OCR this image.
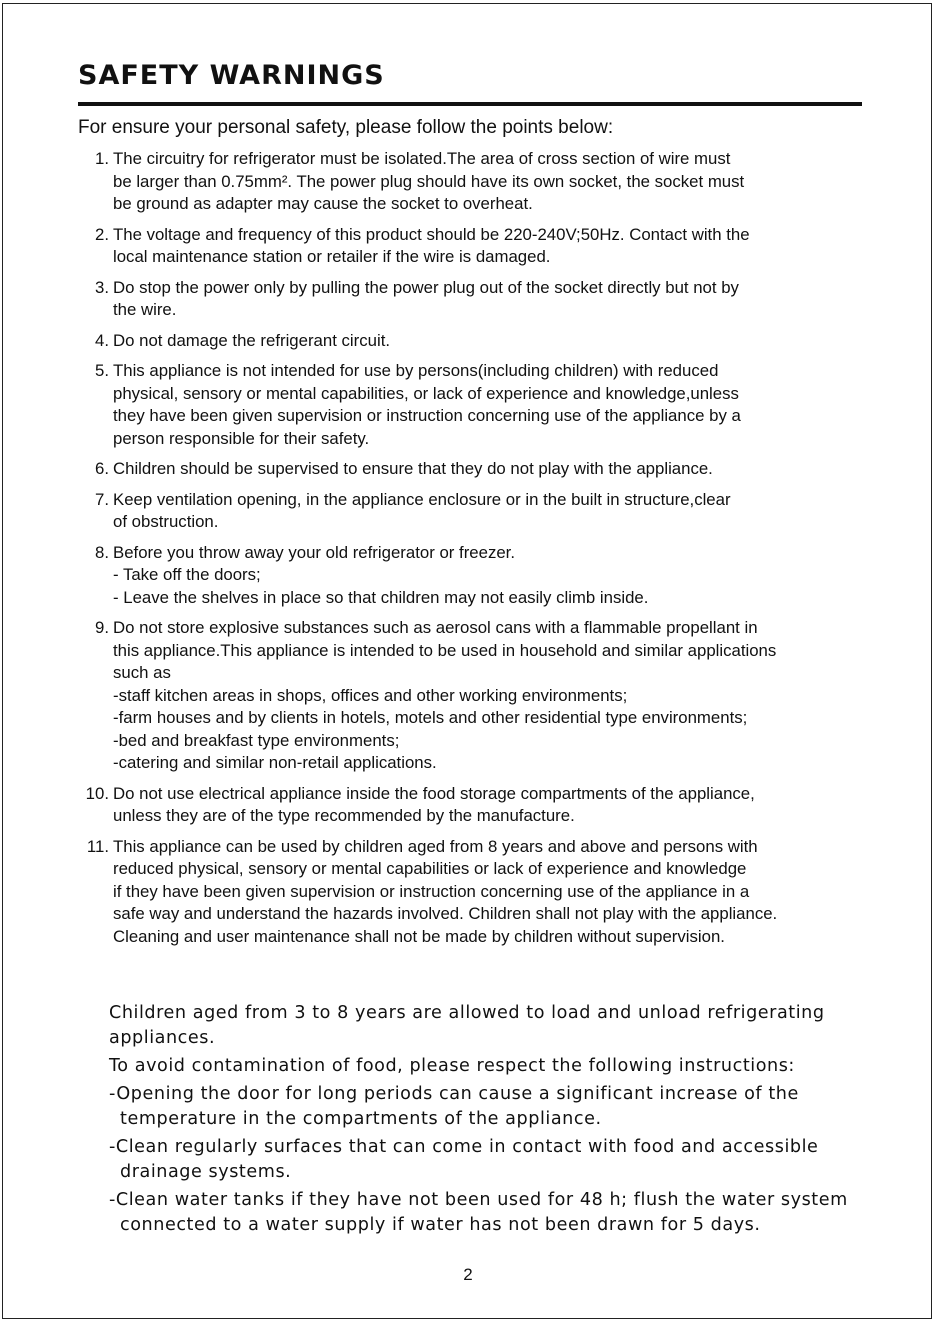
SAFETY WARNINGS
For ensure your personal safety, please follow the points below:
1. The circuitry for refrigerator must be isolated.The area of cross section of wire must
be larger than 0.75mm². The power plug should have its own socket, the socket must
be ground as adapter may cause the socket to overheat.
2. The voltage and frequency of this product should be 220-240V;50Hz. Contact with the
local maintenance station or retailer if the wire is damaged.
3. Do stop the power only by pulling the power plug out of the socket directly but not by
the wire.
4. Do not damage the refrigerant circuit.
5. This appliance is not intended for use by persons(including children) with reduced
physical, sensory or mental capabilities, or lack of experience and knowledge,unless
they have been given supervision or instruction concerning use of the appliance by a
person responsible for their safety.
6. Children should be supervised to ensure that they do not play with the appliance.
7. Keep ventilation opening, in the appliance enclosure or in the built in structure,clear
of obstruction.
8. Before you throw away your old refrigerator or freezer.
- Take off the doors;
- Leave the shelves in place so that children may not easily climb inside.
9. Do not store explosive substances such as aerosol cans with a flammable propellant in
this appliance.This appliance is intended to be used in household and similar applications
such as
-staff kitchen areas in shops, offices and other working environments;
-farm houses and by clients in hotels, motels and other residential type environments;
-bed and breakfast type environments;
-catering and similar non-retail applications.
10. Do not use electrical appliance inside the food storage compartments of the appliance,
unless they are of the type recommended by the manufacture.
11. This appliance can be used by children aged from 8 years and above and persons with
reduced physical, sensory or mental capabilities or lack of experience and knowledge
if they have been given supervision or instruction concerning use of the appliance in a
safe way and understand the hazards involved. Children shall not play with the appliance.
Cleaning and user maintenance shall not be made by children without supervision.
Children aged from 3 to 8 years are allowed to load and unload refrigerating
appliances.
To avoid contamination of food, please respect the following instructions:
-Opening the door for long periods can cause a significant increase of the
temperature in the compartments of the appliance.
-Clean regularly surfaces that can come in contact with food and accessible
drainage systems.
-Clean water tanks if they have not been used for 48 h; flush the water system
connected to a water supply if water has not been drawn for 5 days.
2
